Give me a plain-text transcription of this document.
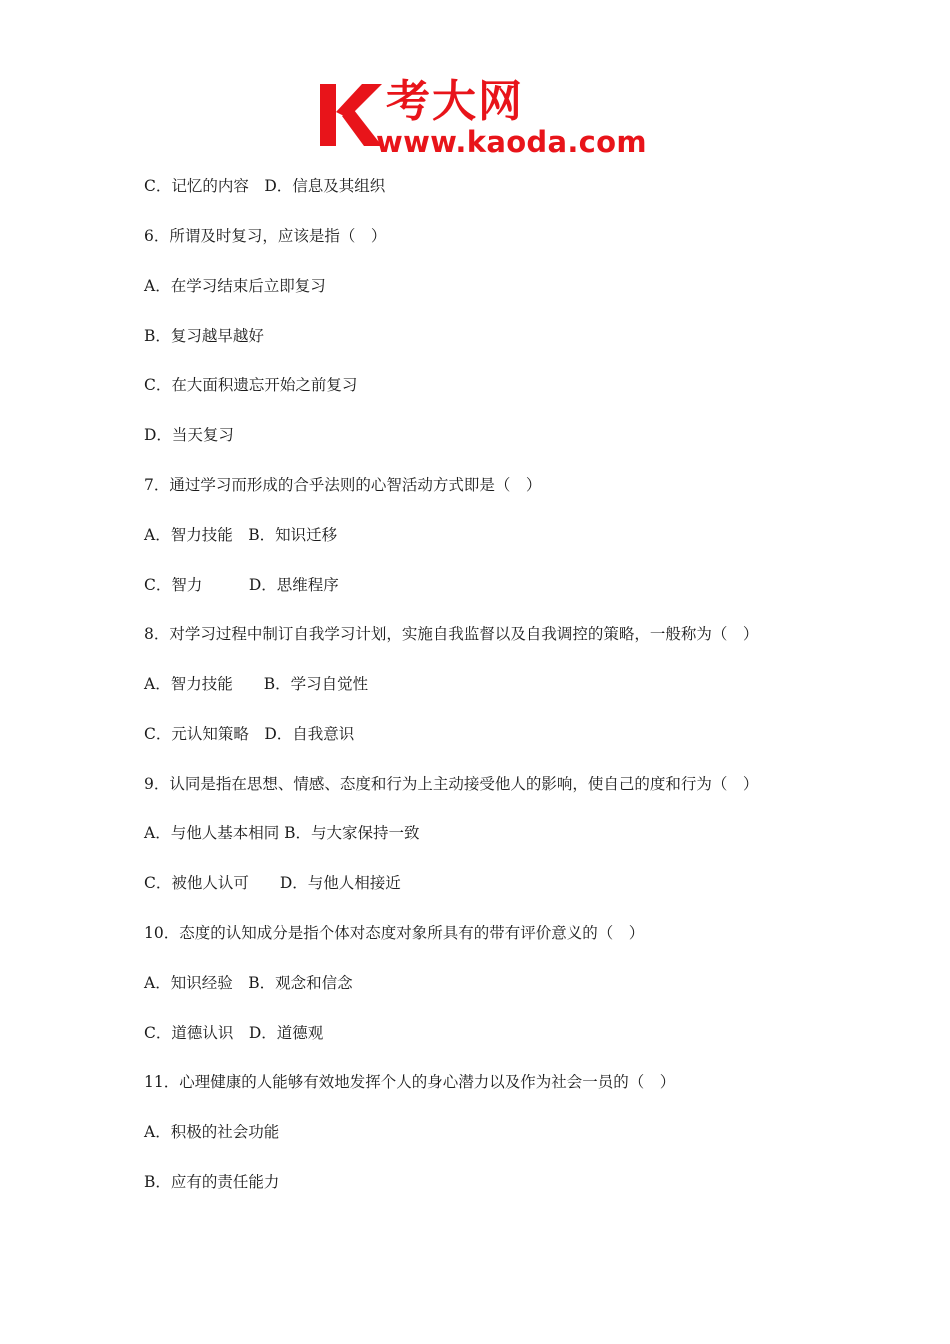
考大网
www.kaoda.com
C．记忆的内容　D．信息及其组织
6．所谓及时复习，应该是指（　）
A．在学习结束后立即复习
B．复习越早越好
C．在大面积遗忘开始之前复习
D．当天复习
7．通过学习而形成的合乎法则的心智活动方式即是（　）
A．智力技能　B．知识迁移
C．智力　　　D．思维程序
8．对学习过程中制订自我学习计划，实施自我监督以及自我调控的策略，一般称为（　）
A．智力技能　　B．学习自觉性
C．元认知策略　D．自我意识
9．认同是指在思想、情感、态度和行为上主动接受他人的影响，使自己的度和行为（　）
A．与他人基本相同 B．与大家保持一致
C．被他人认可　　D．与他人相接近
10．态度的认知成分是指个体对态度对象所具有的带有评价意义的（　）
A．知识经验　B．观念和信念
C．道德认识　D．道德观
11．心理健康的人能够有效地发挥个人的身心潜力以及作为社会一员的（　）
A．积极的社会功能
B．应有的责任能力
